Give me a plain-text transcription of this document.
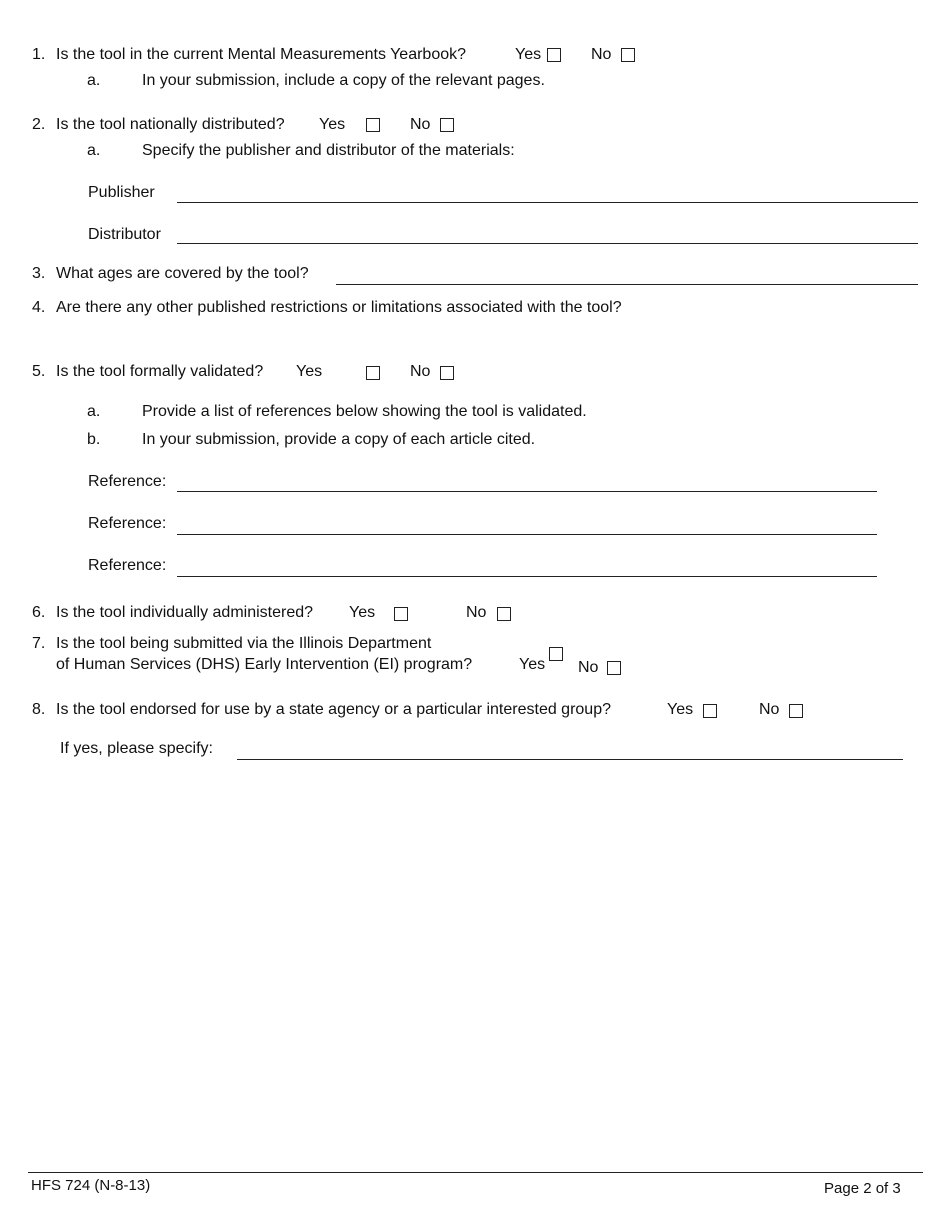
1. Is the tool in the current Mental Measurements Yearbook?	Yes	No
a.	In your submission, include a copy of the relevant pages.
2. Is the tool nationally distributed? Yes	No
a.	Specify the publisher and distributor of the materials:
Publisher
Distributor
3. What ages are covered by the tool?
4. Are there any other published restrictions or limitations associated with the tool?
5. Is the tool formally validated? Yes	No
a.	Provide a list of references below showing the tool is validated.
b.	In your submission, provide a copy of each article cited.
Reference:
Reference:
Reference:
6. Is the tool individually administered? Yes	No
7. Is the tool being submitted via the Illinois Department
of Human Services (DHS) Early Intervention (EI) program?	Yes No
8. Is the tool endorsed for use by a state agency or a particular interested group?	Yes	No
If yes, please specify:
HFS 724 (N-8-13)	Page 2 of 3
